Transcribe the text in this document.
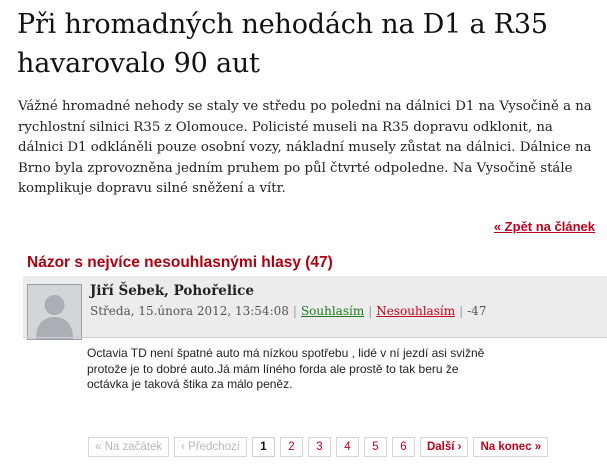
Při hromadných nehodách na D1 a R35 havarovalo 90 aut

Vážné hromadné nehody se staly ve středu po poledni na dálnici D1 na Vysočině a na rychlostní silnici R35 z Olomouce. Policisté museli na R35 dopravu odklonit, na dálnici D1 odkláněli pouze osobní vozy, nákladní musely zůstat na dálnici. Dálnice na Brno byla zprovozněna jedním pruhem po půl čtvrté odpoledne. Na Vysočině stále komplikuje dopravu silné sněžení a vítr.

« Zpět na článek
Názor s nejvíce nesouhlasnými hlasy (47)
Jiří Šebek, Pohořelice
Středa, 15.února 2012, 13:54:08 | Souhlasím | Nesouhlasím | -47

Octavia TD není špatné auto má nízkou spotřebu , lidé v ní jezdí asi svižně protože je to dobré auto.Já mám líného forda ale prostě to tak beru že octávka je taková štika za málo peněz.

« Na začátek	‹ Předchozí	1	2	3	4	5	6	Další ›	Na konec »
